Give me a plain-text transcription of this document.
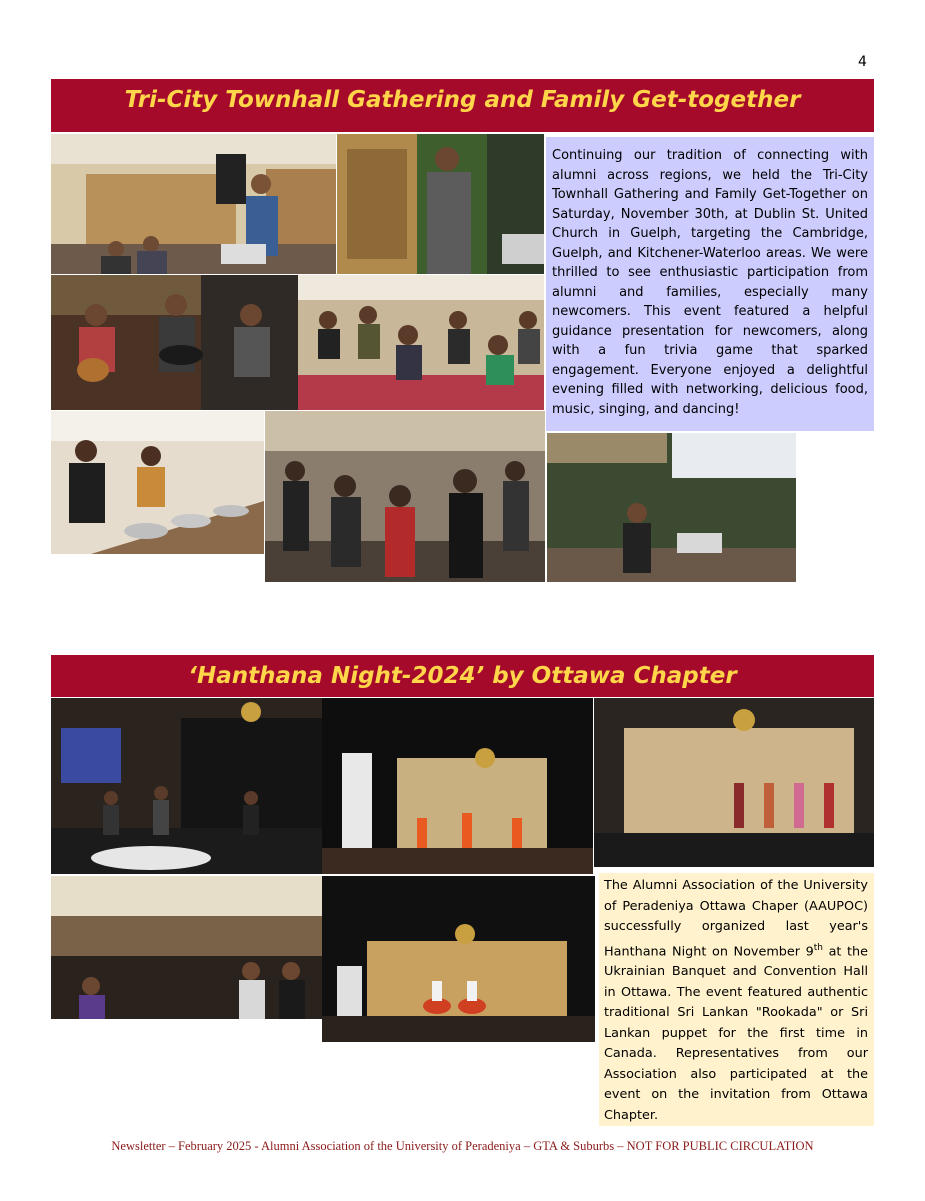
4
Tri-City Townhall Gathering and Family Get-together
Continuing our tradition of connecting with alumni across regions, we held the Tri-City Townhall Gathering and Family Get-Together on Saturday, November 30th, at Dublin St. United Church in Guelph, targeting the Cambridge, Guelph, and Kitchener-Waterloo areas. We were thrilled to see enthusiastic participation from alumni and families, especially many newcomers. This event featured a helpful guidance presentation for newcomers, along with a fun trivia game that sparked engagement. Everyone enjoyed a delightful evening filled with networking, delicious food, music, singing, and dancing!
‘Hanthana Night-2024’ by Ottawa Chapter
The Alumni Association of the University of Peradeniya Ottawa Chaper (AAUPOC) successfully organized last year's Hanthana Night on November 9th at the Ukrainian Banquet and Convention Hall in Ottawa. The event featured authentic traditional Sri Lankan "Rookada" or Sri Lankan puppet for the first time in Canada. Representatives from our Association also participated at the event on the invitation from Ottawa Chapter.
Newsletter – February 2025 - Alumni Association of the University of Peradeniya – GTA & Suburbs – NOT FOR PUBLIC CIRCULATION
